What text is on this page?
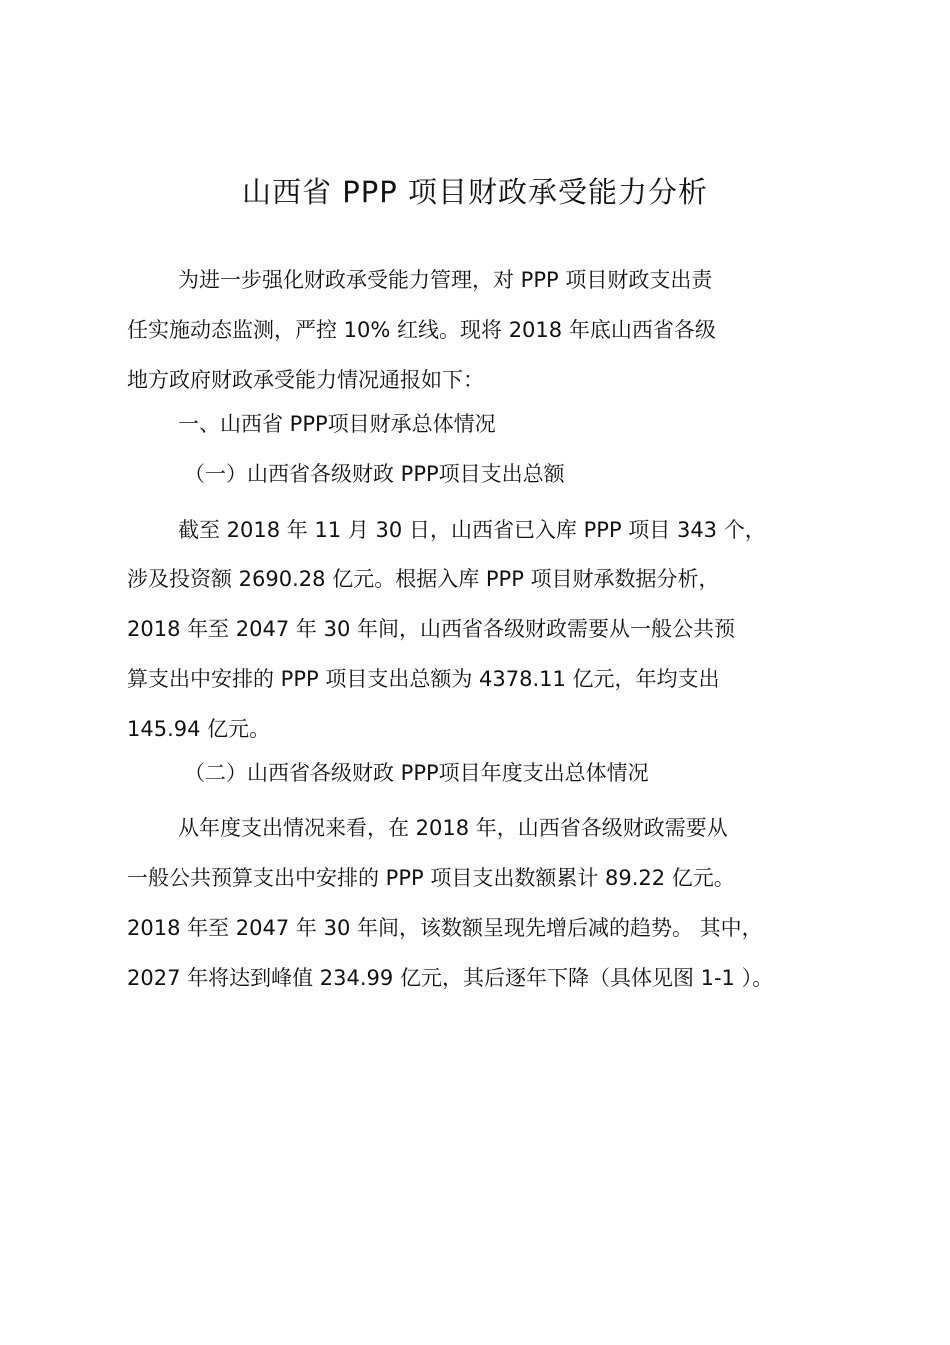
山西省 PPP 项目财政承受能力分析
为进一步强化财政承受能力管理，对 PPP 项目财政支出责
任实施动态监测，严控 10% 红线。现将 2018 年底山西省各级
地方政府财政承受能力情况通报如下：
一、山西省 PPP项目财承总体情况
（一）山西省各级财政 PPP项目支出总额
截至 2018 年 11 月 30 日，山西省已入库 PPP 项目 343 个，
涉及投资额 2690.28 亿元。根据入库 PPP 项目财承数据分析，
2018 年至 2047 年 30 年间，山西省各级财政需要从一般公共预
算支出中安排的 PPP 项目支出总额为 4378.11 亿元，年均支出
145.94 亿元。
（二）山西省各级财政 PPP项目年度支出总体情况
从年度支出情况来看，在 2018 年，山西省各级财政需要从
一般公共预算支出中安排的 PPP 项目支出数额累计 89.22 亿元。
2018 年至 2047 年 30 年间，该数额呈现先增后减的趋势。 其中，
2027 年将达到峰值 234.99 亿元，其后逐年下降（具体见图 1-1 ）。
